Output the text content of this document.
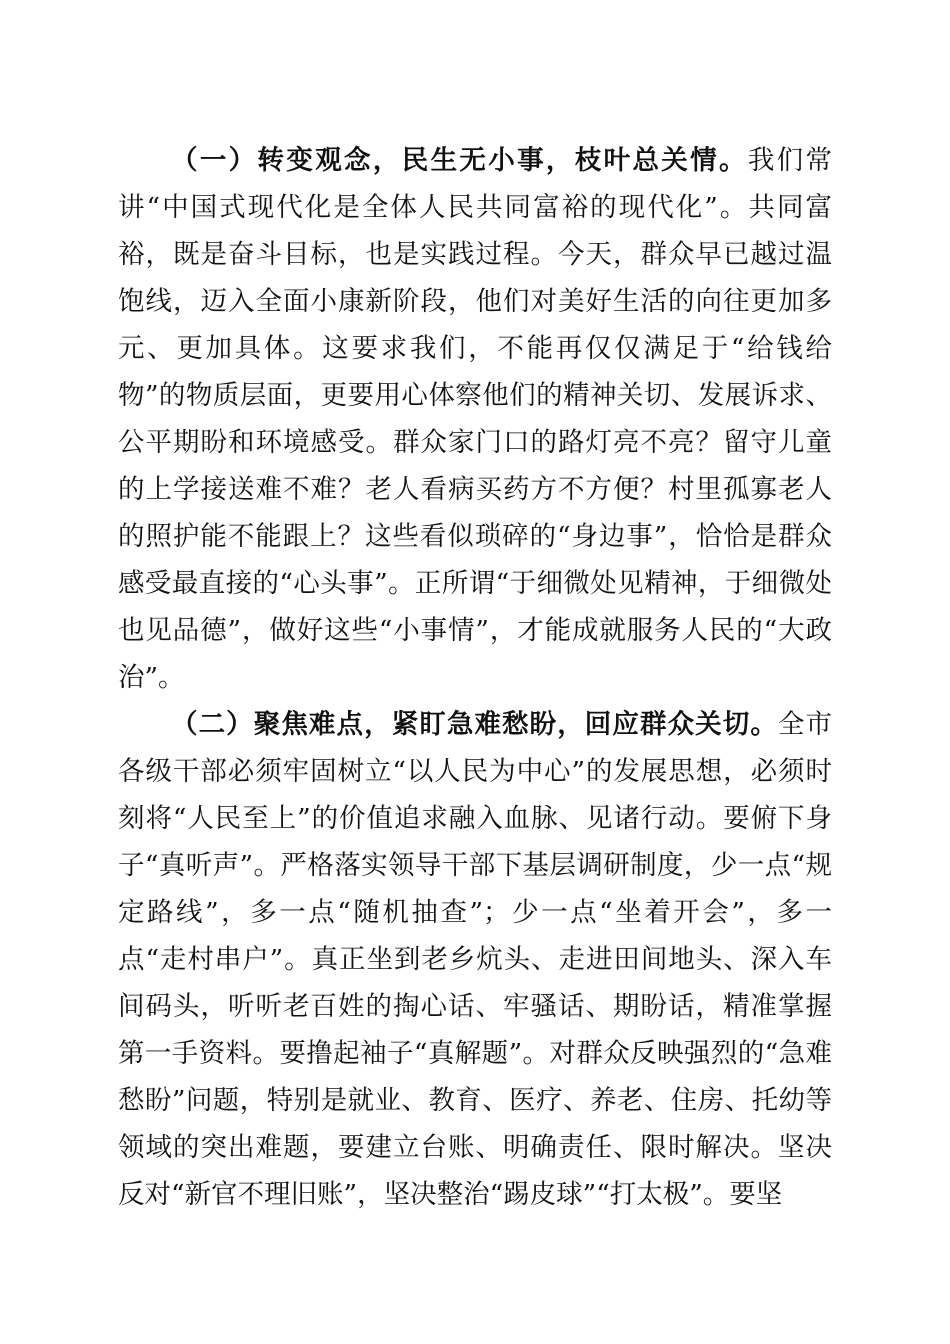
（一）转变观念，民生无小事，枝叶总关情。我们常讲“中国式现代化是全体人民共同富裕的现代化”。共同富裕，既是奋斗目标，也是实践过程。今天，群众早已越过温饱线，迈入全面小康新阶段，他们对美好生活的向往更加多元、更加具体。这要求我们，不能再仅仅满足于“给钱给物”的物质层面，更要用心体察他们的精神关切、发展诉求、公平期盼和环境感受。群众家门口的路灯亮不亮？留守儿童的上学接送难不难？老人看病买药方不方便？村里孤寡老人的照护能不能跟上？这些看似琐碎的“身边事”，恰恰是群众感受最直接的“心头事”。正所谓“于细微处见精神，于细微处也见品德”，做好这些“小事情”，才能成就服务人民的“大政治”。

（二）聚焦难点，紧盯急难愁盼，回应群众关切。全市各级干部必须牢固树立“以人民为中心”的发展思想，必须时刻将“人民至上”的价值追求融入血脉、见诸行动。要俯下身子“真听声”。严格落实领导干部下基层调研制度，少一点“规定路线”，多一点“随机抽查”；少一点“坐着开会”，多一点“走村串户”。真正坐到老乡炕头、走进田间地头、深入车间码头，听听老百姓的掏心话、牢骚话、期盼话，精准掌握第一手资料。要撸起袖子“真解题”。对群众反映强烈的“急难愁盼”问题，特别是就业、教育、医疗、养老、住房、托幼等领域的突出难题，要建立台账、明确责任、限时解决。坚决反对“新官不理旧账”，坚决整治“踢皮球”“打太极”。要坚
